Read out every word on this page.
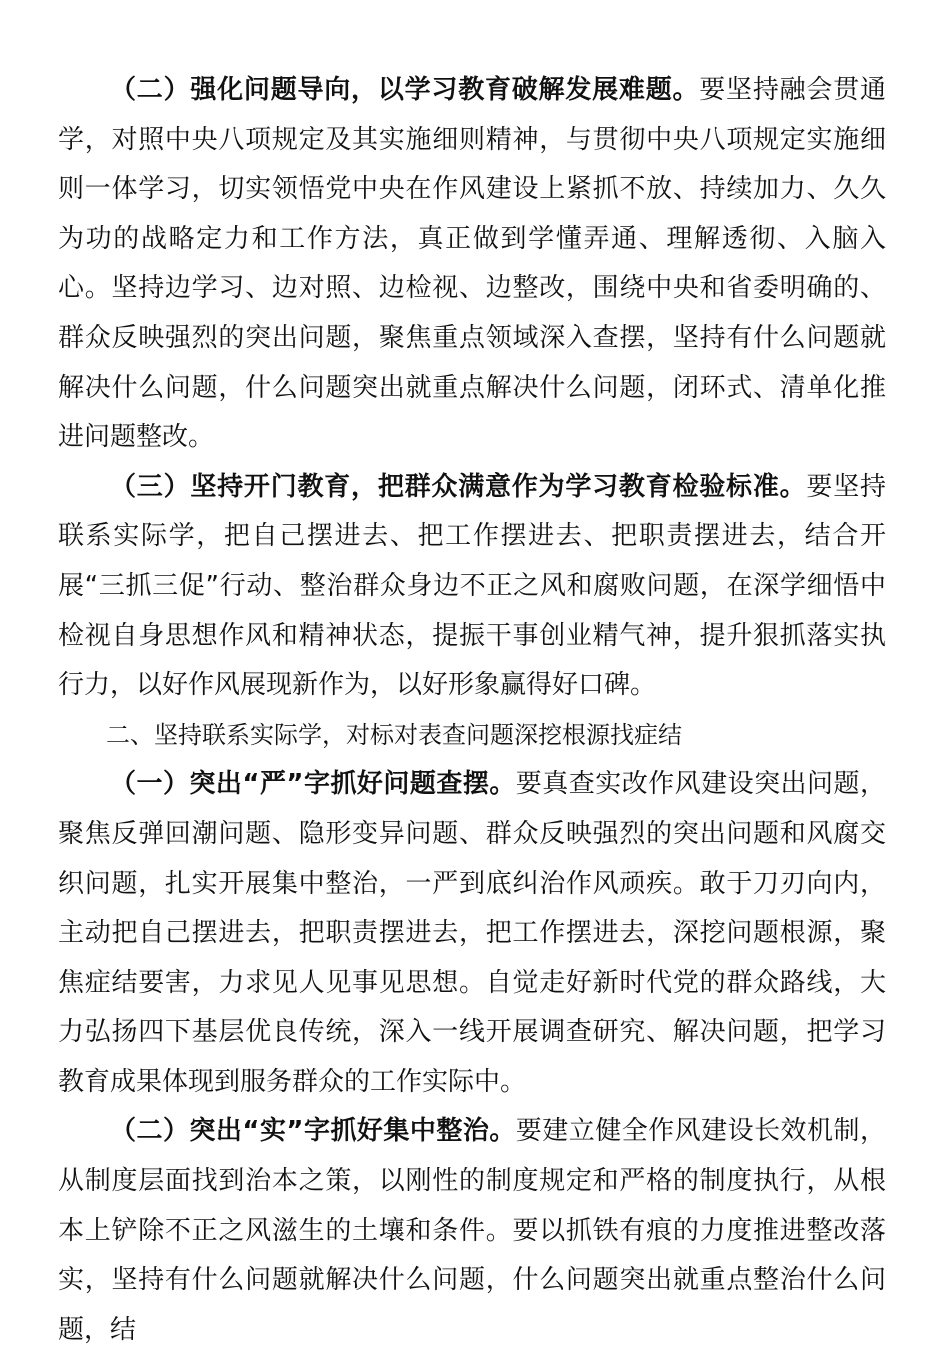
（二）强化问题导向，以学习教育破解发展难题。要坚持融会贯通学，对照中央八项规定及其实施细则精神，与贯彻中央八项规定实施细则一体学习，切实领悟党中央在作风建设上紧抓不放、持续加力、久久为功的战略定力和工作方法，真正做到学懂弄通、理解透彻、入脑入心。坚持边学习、边对照、边检视、边整改，围绕中央和省委明确的、群众反映强烈的突出问题，聚焦重点领域深入查摆，坚持有什么问题就解决什么问题，什么问题突出就重点解决什么问题，闭环式、清单化推进问题整改。

（三）坚持开门教育，把群众满意作为学习教育检验标准。要坚持联系实际学，把自己摆进去、把工作摆进去、把职责摆进去，结合开展“三抓三促”行动、整治群众身边不正之风和腐败问题，在深学细悟中检视自身思想作风和精神状态，提振干事创业精气神，提升狠抓落实执行力，以好作风展现新作为，以好形象赢得好口碑。

二、坚持联系实际学，对标对表查问题深挖根源找症结

（一）突出“严”字抓好问题查摆。要真查实改作风建设突出问题，聚焦反弹回潮问题、隐形变异问题、群众反映强烈的突出问题和风腐交织问题，扎实开展集中整治，一严到底纠治作风顽疾。敢于刀刃向内，主动把自己摆进去，把职责摆进去，把工作摆进去，深挖问题根源，聚焦症结要害，力求见人见事见思想。自觉走好新时代党的群众路线，大力弘扬四下基层优良传统，深入一线开展调查研究、解决问题，把学习教育成果体现到服务群众的工作实际中。

（二）突出“实”字抓好集中整治。要建立健全作风建设长效机制，从制度层面找到治本之策，以刚性的制度规定和严格的制度执行，从根本上铲除不正之风滋生的土壤和条件。要以抓铁有痕的力度推进整改落实，坚持有什么问题就解决什么问题，什么问题突出就重点整治什么问题，结
